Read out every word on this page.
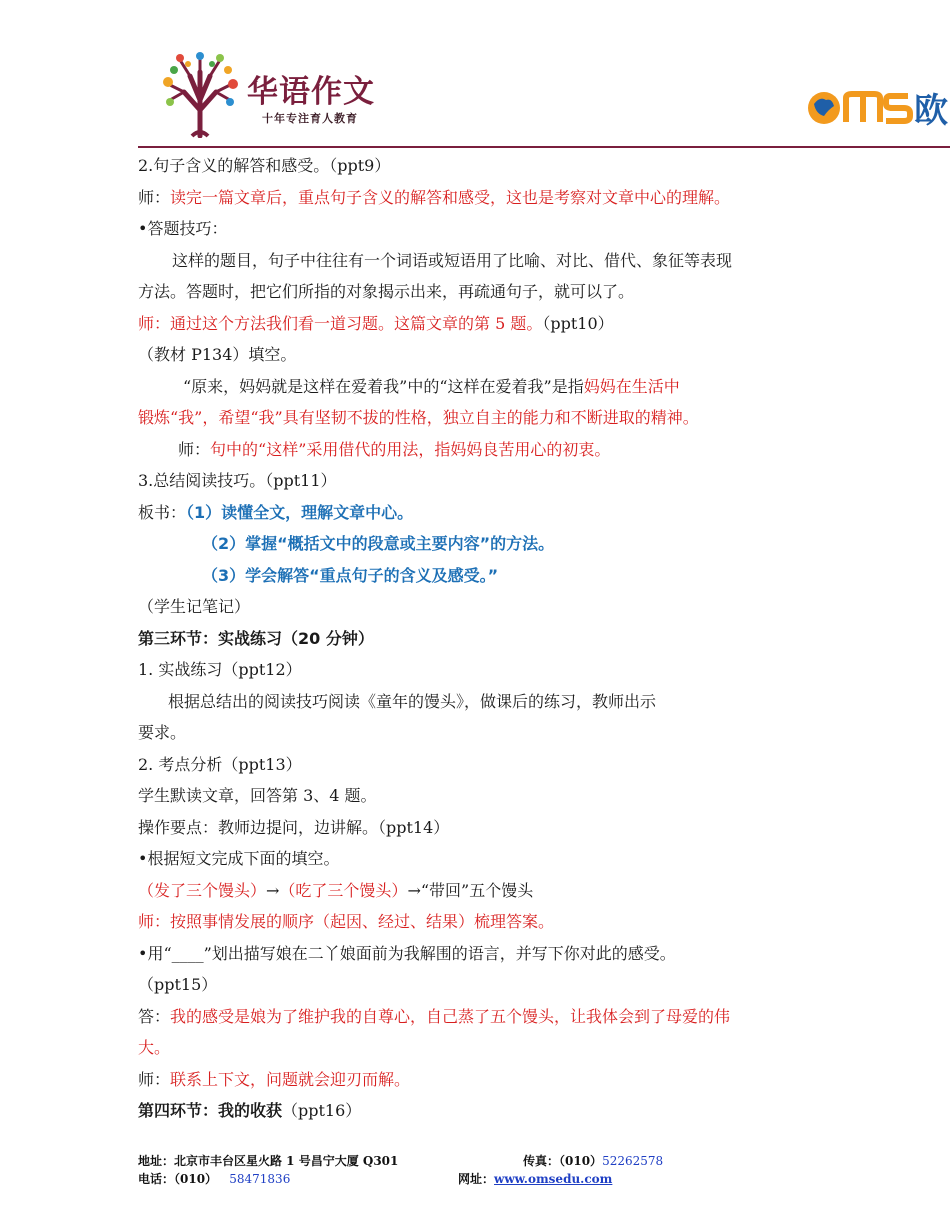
华语作文
十年专注育人教育	欧
2.句子含义的解答和感受。（ppt9）
师：读完一篇文章后，重点句子含义的解答和感受，这也是考察对文章中心的理解。
•答题技巧：
这样的题目，句子中往往有一个词语或短语用了比喻、对比、借代、象征等表现
方法。答题时，把它们所指的对象揭示出来，再疏通句子，就可以了。
师：通过这个方法我们看一道习题。这篇文章的第 5 题。（ppt10）
（教材 P134）填空。
“原来，妈妈就是这样在爱着我”中的“这样在爱着我”是指妈妈在生活中
锻炼“我”，希望“我”具有坚韧不拔的性格，独立自主的能力和不断进取的精神。
师：句中的“这样”采用借代的用法，指妈妈良苦用心的初衷。
3.总结阅读技巧。（ppt11）
板书：（1）读懂全文，理解文章中心。
（2）掌握“概括文中的段意或主要内容”的方法。
（3）学会解答“重点句子的含义及感受。”
（学生记笔记）
第三环节：实战练习（20 分钟）
1. 实战练习（ppt12）
根据总结出的阅读技巧阅读《童年的馒头》，做课后的练习，教师出示
要求。
2. 考点分析（ppt13）
学生默读文章，回答第 3、4 题。
操作要点：教师边提问，边讲解。（ppt14）
•根据短文完成下面的填空。
（发了三个馒头）→（吃了三个馒头）→“带回”五个馒头
师：按照事情发展的顺序（起因、经过、结果）梳理答案。
•用“____”划出描写娘在二丫娘面前为我解围的语言，并写下你对此的感受。
（ppt15）
答：我的感受是娘为了维护我的自尊心，自己蒸了五个馒头，让我体会到了母爱的伟
大。
师：联系上下文，问题就会迎刃而解。
第四环节：我的收获（ppt16）
地址：北京市丰台区星火路 1 号昌宁大厦 Q301	传真：（010）52262578
电话：（010） 58471836	网址：www.omsedu.com
